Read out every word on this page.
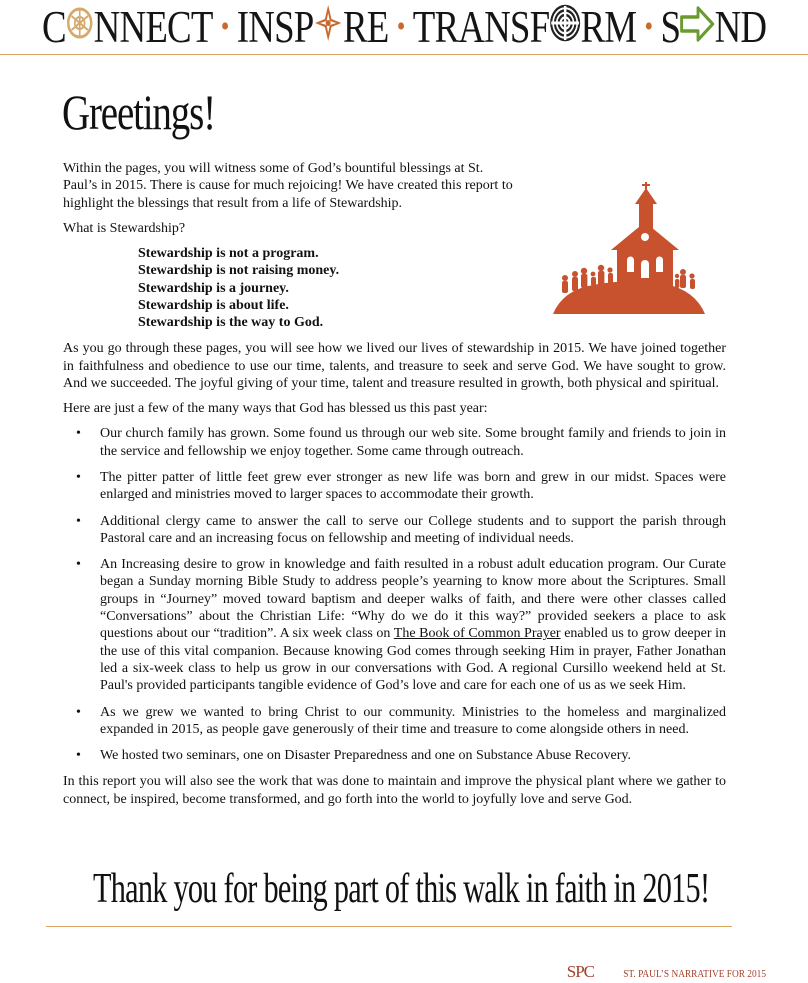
C NNECT • INSP RE • TRANSF RM • S ND
Greetings!

Within the pages, you will witness some of God’s bountiful blessings at St. Paul’s in 2015. There is cause for much rejoicing! We have created this report to highlight the blessings that result from a life of Stewardship.

What is Stewardship?

Stewardship is not a program.
Stewardship is not raising money.
Stewardship is a journey.
Stewardship is about life.
Stewardship is the way to God.

As you go through these pages, you will see how we lived our lives of stewardship in 2015. We have joined together in faithfulness and obedience to use our time, talents, and treasure to seek and serve God. We have sought to grow. And we succeeded. The joyful giving of your time, talent and treasure resulted in growth, both physical and spiritual.

Here are just a few of the many ways that God has blessed us this past year:

• Our church family has grown. Some found us through our web site. Some brought family and friends to join in the service and fellowship we enjoy together. Some came through outreach.
• The pitter patter of little feet grew ever stronger as new life was born and grew in our midst. Spaces were enlarged and ministries moved to larger spaces to accommodate their growth.
• Additional clergy came to answer the call to serve our College students and to support the parish through Pastoral care and an increasing focus on fellowship and meeting of individual needs.
• An Increasing desire to grow in knowledge and faith resulted in a robust adult education program. Our Curate began a Sunday morning Bible Study to address people’s yearning to know more about the Scriptures. Small groups in “Journey” moved toward baptism and deeper walks of faith, and there were other classes called “Conversations” about the Christian Life: “Why do we do it this way?” provided seekers a place to ask questions about our “tradition”. A six week class on The Book of Common Prayer enabled us to grow deeper in the use of this vital companion. Because knowing God comes through seeking Him in prayer, Father Jonathan led a six-week class to help us grow in our conversations with God. A regional Cursillo weekend held at St. Paul's provided participants tangible evidence of God’s love and care for each one of us as we seek Him.
• As we grew we wanted to bring Christ to our community. Ministries to the homeless and marginalized expanded in 2015, as people gave generously of their time and treasure to come alongside others in need.
• We hosted two seminars, one on Disaster Preparedness and one on Substance Abuse Recovery.

In this report you will also see the work that was done to maintain and improve the physical plant where we gather to connect, be inspired, become transformed, and go forth into the world to joyfully love and serve God.

Thank you for being part of this walk in faith in 2015!
SPC	ST. PAUL’S NARRATIVE FOR 2015
